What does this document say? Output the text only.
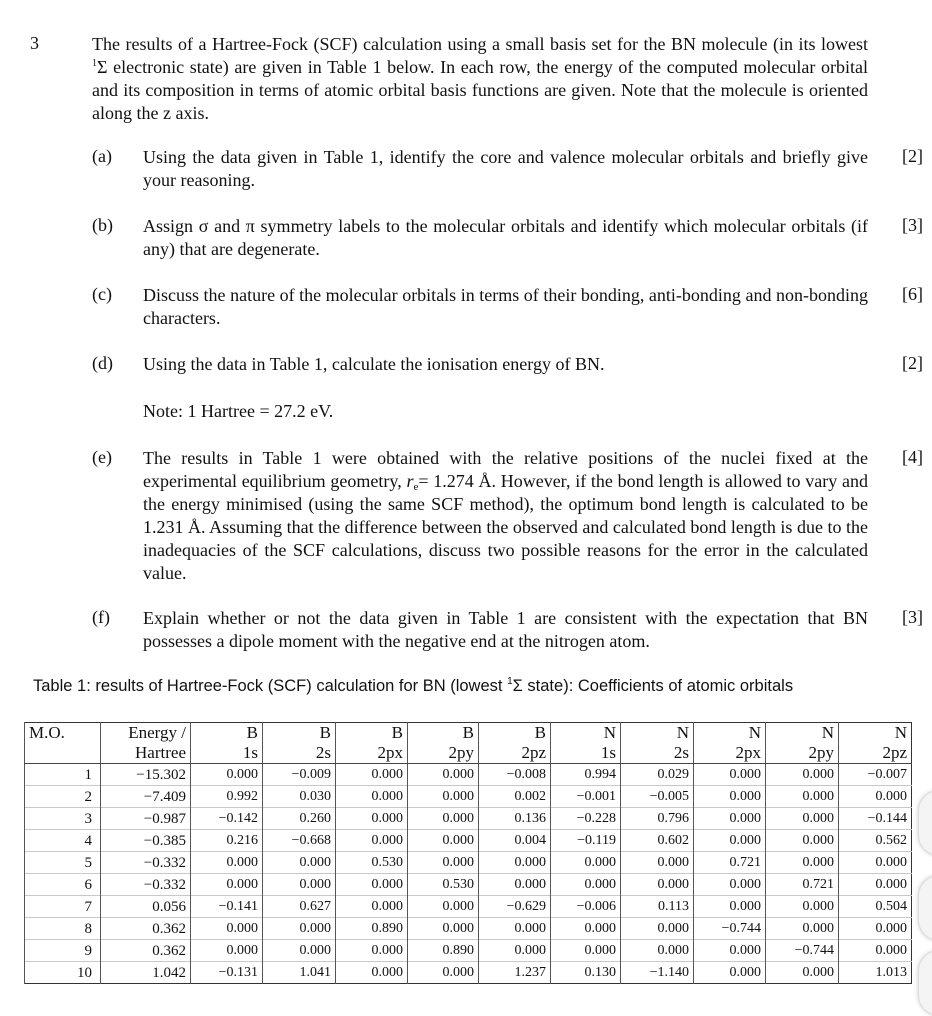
3	The results of a Hartree-Fock (SCF) calculation using a small basis set for the BN molecule (in its lowest $^1$Σ electronic state) are given in Table 1 below. In each row, the energy of the computed molecular orbital and its composition in terms of atomic orbital basis functions are given. Note that the molecule is oriented along the z axis.
(a) Using the data given in Table 1, identify the core and valence molecular orbitals and briefly give your reasoning.
[2]
(b) Assign σ and π symmetry labels to the molecular orbitals and identify which molecular orbitals (if any) that are degenerate.
[3]
(c) Discuss the nature of the molecular orbitals in terms of their bonding, anti-bonding and non-bonding characters.
[6]
(d) Using the data in Table 1, calculate the ionisation energy of BN.
Note: 1 Hartree = 27.2 eV.
[2]
(e) The results in Table 1 were obtained with the relative positions of the nuclei fixed at the experimental equilibrium geometry, $r_e= 1.274$ Å. However, if the bond length is allowed to vary and the energy minimised (using the same SCF method), the optimum bond length is calculated to be 1.231 Å. Assuming that the difference between the observed and calculated bond length is due to the inadequacies of the SCF calculations, discuss two possible reasons for the error in the calculated value.
[4]
(f) Explain whether or not the data given in Table 1 are consistent with the expectation that BN possesses a dipole moment with the negative end at the nitrogen atom.
[3]
Table 1: results of Hartree-Fock (SCF) calculation for BN (lowest $^1$Σ state): Coefficients of atomic orbitals
M.O.	Energy /	B	B	B	B	B	N	N	N	N	N
	Hartree	1s	2s	2px	2py	2pz	1s	2s	2px	2py	2pz
1	−15.302	0.000	−0.009	0.000	0.000	−0.008	0.994	0.029	0.000	0.000	−0.007
2	−7.409	0.992	0.030	0.000	0.000	0.002	−0.001	−0.005	0.000	0.000	0.000
3	−0.987	−0.142	0.260	0.000	0.000	0.136	−0.228	0.796	0.000	0.000	−0.144
4	−0.385	0.216	−0.668	0.000	0.000	0.004	−0.119	0.602	0.000	0.000	0.562
5	−0.332	0.000	0.000	0.530	0.000	0.000	0.000	0.000	0.721	0.000	0.000
6	−0.332	0.000	0.000	0.000	0.530	0.000	0.000	0.000	0.000	0.721	0.000
7	0.056	−0.141	0.627	0.000	0.000	−0.629	−0.006	0.113	0.000	0.000	0.504
8	0.362	0.000	0.000	0.890	0.000	0.000	0.000	0.000	−0.744	0.000	0.000
9	0.362	0.000	0.000	0.000	0.890	0.000	0.000	0.000	0.000	−0.744	0.000
10	1.042	−0.131	1.041	0.000	0.000	1.237	0.130	−1.140	0.000	0.000	1.013
